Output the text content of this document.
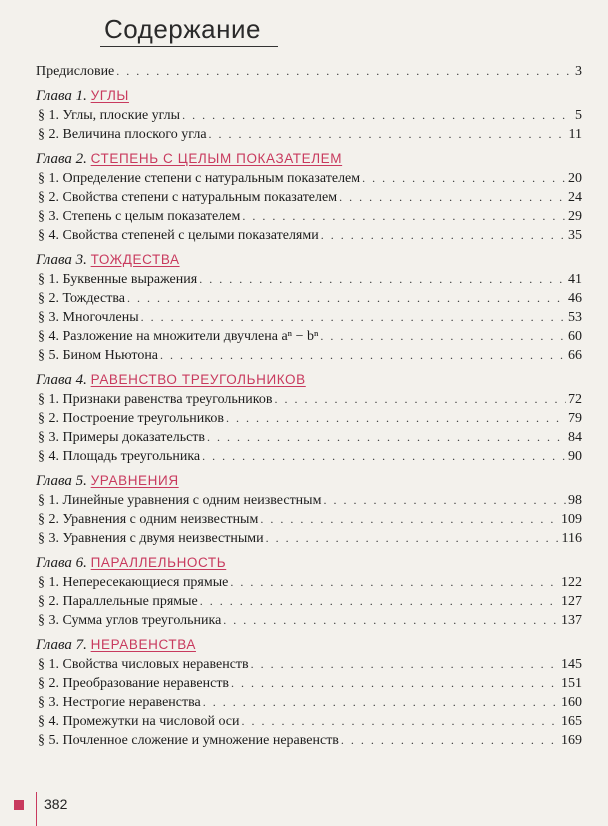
Содержание
Предисловие . . .	3
Глава 1. УГЛЫ
§ 1. Углы, плоские углы . . .	5
§ 2. Величина плоского угла . . .	11
Глава 2. СТЕПЕНЬ С ЦЕЛЫМ ПОКАЗАТЕЛЕМ
§ 1. Определение степени с натуральным показателем . . .	20
§ 2. Свойства степени с натуральным показателем . . .	24
§ 3. Степень с целым показателем . . .	29
§ 4. Свойства степеней с целыми показателями . . .	35
Глава 3. ТОЖДЕСТВА
§ 1. Буквенные выражения . . .	41
§ 2. Тождества . . .	46
§ 3. Многочлены . . .	53
§ 4. Разложение на множители двучлена aⁿ − bⁿ . . .	60
§ 5. Бином Ньютона . . .	66
Глава 4. РАВЕНСТВО ТРЕУГОЛЬНИКОВ
§ 1. Признаки равенства треугольников . . .	72
§ 2. Построение треугольников . . .	79
§ 3. Примеры доказательств . . .	84
§ 4. Площадь треугольника . . .	90
Глава 5. УРАВНЕНИЯ
§ 1. Линейные уравнения с одним неизвестным . . .	98
§ 2. Уравнения с одним неизвестным . . .	109
§ 3. Уравнения с двумя неизвестными . . .	116
Глава 6. ПАРАЛЛЕЛЬНОСТЬ
§ 1. Непересекающиеся прямые . . .	122
§ 2. Параллельные прямые . . .	127
§ 3. Сумма углов треугольника . . .	137
Глава 7. НЕРАВЕНСТВА
§ 1. Свойства числовых неравенств . . .	145
§ 2. Преобразование неравенств . . .	151
§ 3. Нестрогие неравенства . . .	160
§ 4. Промежутки на числовой оси . . .	165
§ 5. Почленное сложение и умножение неравенств . . .	169
382
